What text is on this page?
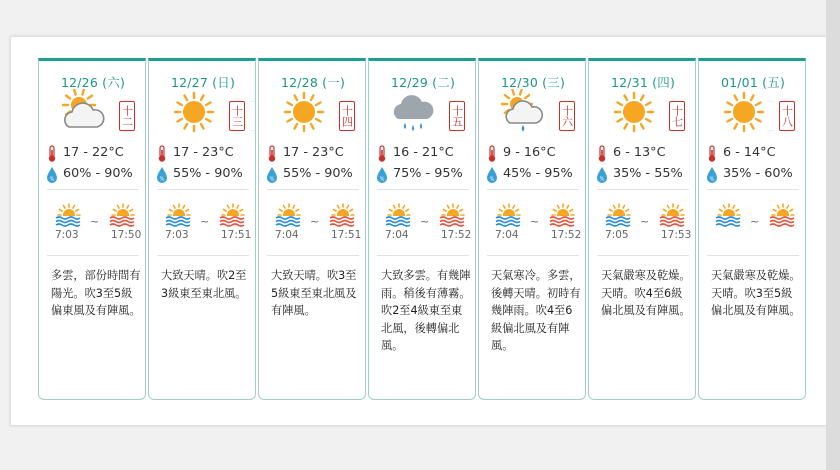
12/26 (六)
十二
17 - 22°C
% 60% - 90%
~
7:03	17:50
多雲，部份時間有陽光。吹3至5級偏東風及有陣風。
12/27 (日)
十三
17 - 23°C
% 55% - 90%
~
7:03	17:51
大致天晴。吹2至3級東至東北風。
12/28 (一)
十四
17 - 23°C
% 55% - 90%
~
7:04	17:51
大致天晴。吹3至5級東至東北風及有陣風。
12/29 (二)
十五
16 - 21°C
% 75% - 95%
~
7:04	17:52
大致多雲。有幾陣雨。稍後有薄霧。吹2至4級東至東北風，後轉偏北風。
12/30 (三)
十六
9 - 16°C
% 45% - 95%
~
7:04	17:52
天氣寒冷。多雲，後轉天晴。初時有幾陣雨。吹4至6級偏北風及有陣風。
12/31 (四)
十七
6 - 13°C
% 35% - 55%
~
7:05	17:53
天氣嚴寒及乾燥。天晴。吹4至6級偏北風及有陣風。
01/01 (五)
十八
6 - 14°C
% 35% - 60%
~
天氣嚴寒及乾燥。天晴。吹3至5級偏北風及有陣風。
